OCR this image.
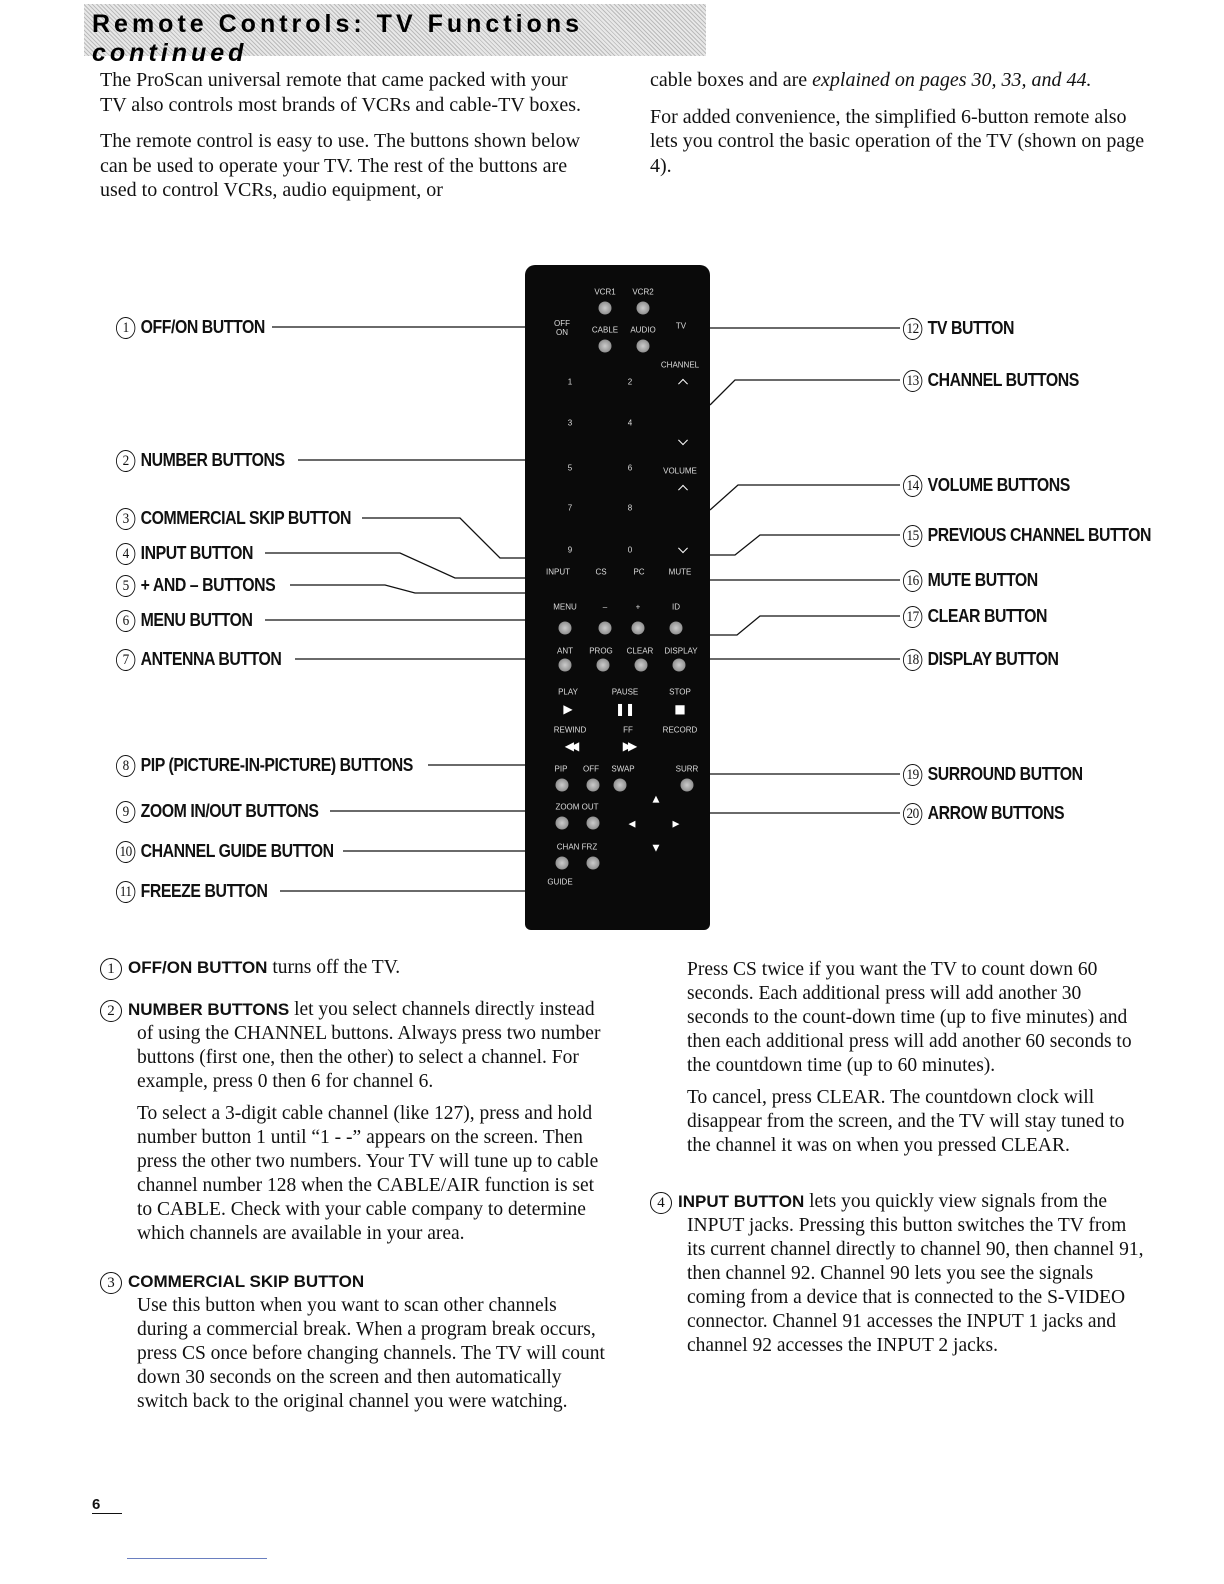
Remote Controls: TV Functions continued

The ProScan universal remote that came packed with your TV also controls most brands of VCRs and cable-TV boxes.

The remote control is easy to use. The buttons shown below can be used to operate your TV. The rest of the buttons are used to control VCRs, audio equipment, or

cable boxes and are explained on pages 30, 33, and 44.

For added convenience, the simplified 6-button remote also lets you control the basic operation of the TV (shown on page 4).

1 OFF/ON BUTTON
2 NUMBER BUTTONS
3 COMMERCIAL SKIP BUTTON
4 INPUT BUTTON
5 + AND – BUTTONS
6 MENU BUTTON
7 ANTENNA BUTTON
8 PIP (PICTURE-IN-PICTURE) BUTTONS
9 ZOOM IN/OUT BUTTONS
10 CHANNEL GUIDE BUTTON
11 FREEZE BUTTON
12 TV BUTTON
13 CHANNEL BUTTONS
14 VOLUME BUTTONS
15 PREVIOUS CHANNEL BUTTON
16 MUTE BUTTON
17 CLEAR BUTTON
18 DISPLAY BUTTON
19 SURROUND BUTTON
20 ARROW BUTTONS
VCR1 VCR2
OFF ON	CABLE AUDIO	TV
CHANNEL
1	2
3	4
5	6
7	8
9	0
VOLUME
INPUT	CS	PC	MUTE
MENU	–	+	ID
ANT PROG CLEAR DISPLAY
PLAY	PAUSE	STOP
▶	❚❚	■
REWIND	FF	RECORD
◀◀	▶▶
PIP OFF SWAP	SURR
ZOOM OUT
▲
◀	▶
▼
CHAN FRZ
GUIDE

1 OFF/ON BUTTON turns off the TV.

2 NUMBER BUTTONS let you select channels directly instead of using the CHANNEL buttons. Always press two number buttons (first one, then the other) to select a channel. For example, press 0 then 6 for channel 6.

To select a 3-digit cable channel (like 127), press and hold number button 1 until “1 - -” appears on the screen. Then press the other two numbers. Your TV will tune up to cable channel number 128 when the CABLE/AIR function is set to CABLE. Check with your cable company to determine which channels are available in your area.

3 COMMERCIAL SKIP BUTTON

Use this button when you want to scan other channels during a commercial break. When a program break occurs, press CS once before changing channels. The TV will count down 30 seconds on the screen and then automatically switch back to the original channel you were watching.

Press CS twice if you want the TV to count down 60 seconds. Each additional press will add another 30 seconds to the count-down time (up to five minutes) and then each additional press will add another 60 seconds to the countdown time (up to 60 minutes).

To cancel, press CLEAR. The countdown clock will disappear from the screen, and the TV will stay tuned to the channel it was on when you pressed CLEAR.

4 INPUT BUTTON lets you quickly view signals from the INPUT jacks. Pressing this button switches the TV from its current channel directly to channel 90, then channel 91, then channel 92. Channel 90 lets you see the signals coming from a device that is connected to the S-VIDEO connector. Channel 91 accesses the INPUT 1 jacks and channel 92 accesses the INPUT 2 jacks.

6
